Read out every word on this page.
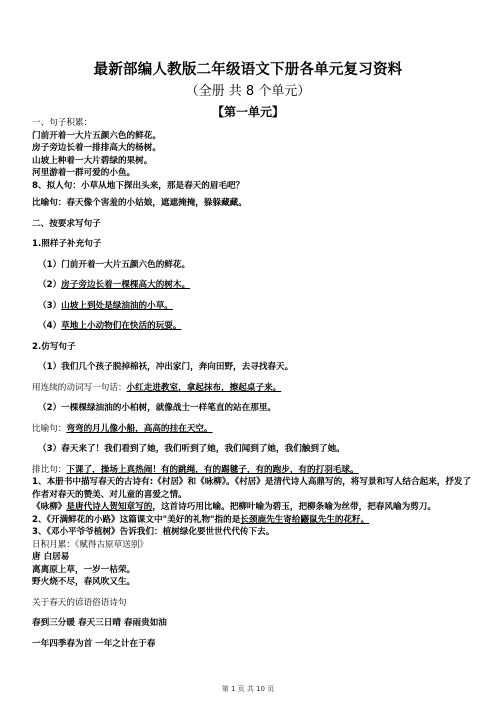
最新部编人教版二年级语文下册各单元复习资料
（全册 共 8 个单元）
【第一单元】
一、句子积累：
门前开着一大片五颜六色的鲜花。
房子旁边长着一排排高大的杨树。
山坡上种着一大片碧绿的果树。
河里游着一群可爱的小鱼。
8、拟人句：小草从地下探出头来，那是春天的眉毛吧？
比喻句：春天像个害羞的小姑娘，遮遮掩掩，躲躲藏藏。
二、按要求写句子
1.照样子补充句子
（1）门前开着一大片五颜六色的鲜花。
（2）房子旁边长着一棵棵高大的树木。
（3）山坡上到处是绿油油的小草。
（4）草地上小动物们在快活的玩耍。
2.仿写句子
（1）我们几个孩子脱掉棉袄，冲出家门，奔向田野，去寻找春天。
用连续的动词写一句话：小红走进教室，拿起抹布，擦起桌子来。
（2）一棵棵绿油油的小柏树，就像战士一样笔直的站在那里。
比喻句：弯弯的月儿像小船，高高的挂在天空。
（3）春天来了！我们看到了她，我们听到了她，我们闻到了她，我们触到了她。
排比句：下课了，操场上真热闹！有的跳绳，有的踢毽子，有的跑步，有的打羽毛球。
1、本册书中描写春天的古诗有:《村居》和《咏柳》。《村居》是清代诗人高鼎写的，将写景和写人结合起来，抒发了作者对春天的赞美、对儿童的喜爱之情。
《咏柳》是唐代诗人贺知章写的，这首诗巧用比喻。把柳叶喻为碧玉，把柳条喻为丝带，把春风喻为剪刀。
2、《开满鲜花的小路》这篇课文中"美好的礼物"指的是长颈鹿先生寄给鼹鼠先生的花籽。
3、《邓小平爷爷植树》告诉我们：植树绿化要世世代代传下去。
日积月累：《赋得古原草送别》
唐 白居易
离离原上草，一岁一枯荣。
野火烧不尽，春风吹又生。
关于春天的谚语俗语诗句
春到三分暖 春天三日晴 春雨贵如油
一年四季春为首 一年之计在于春
第 1 页 共 10 页
